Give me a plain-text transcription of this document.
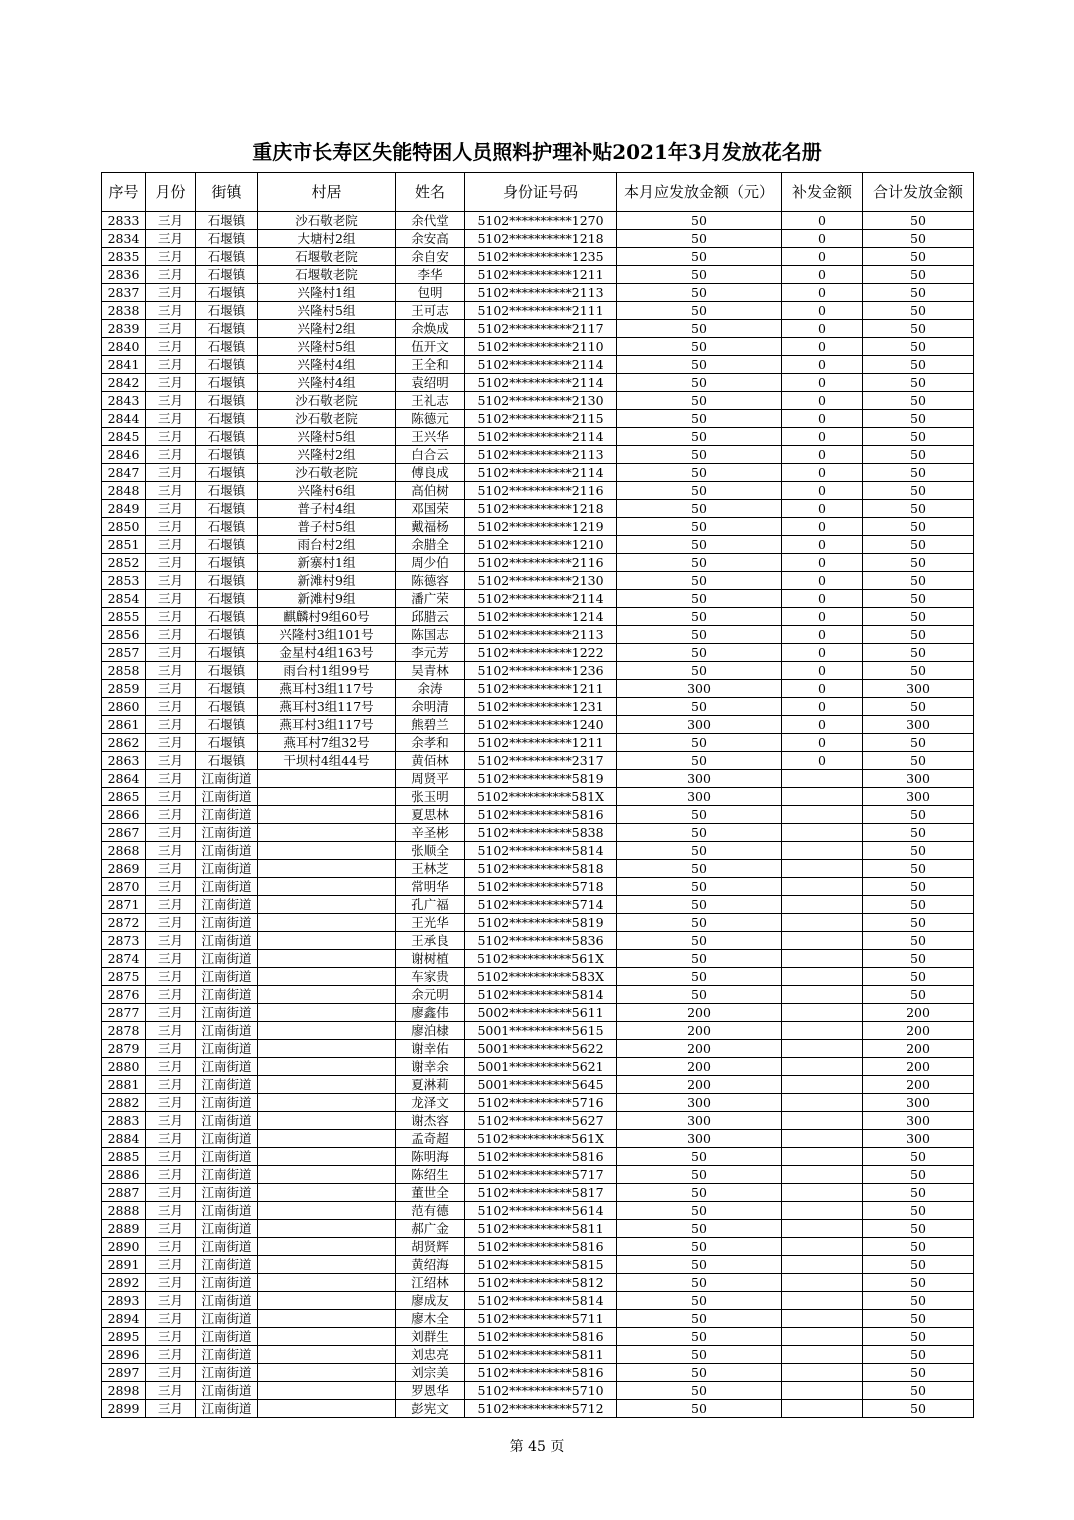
重庆市长寿区失能特困人员照料护理补贴2021年3月发放花名册
序号	月份	街镇	村居	姓名	身份证号码	本月应发放金额（元）	补发金额	合计发放金额
2833	三月	石堰镇	沙石敬老院	余代堂	5102**********1270	50	0	50
2834	三月	石堰镇	大塘村2组	余安高	5102**********1218	50	0	50
2835	三月	石堰镇	石堰敬老院	余自安	5102**********1235	50	0	50
2836	三月	石堰镇	石堰敬老院	李华	5102**********1211	50	0	50
2837	三月	石堰镇	兴隆村1组	包明	5102**********2113	50	0	50
2838	三月	石堰镇	兴隆村5组	王可志	5102**********2111	50	0	50
2839	三月	石堰镇	兴隆村2组	余焕成	5102**********2117	50	0	50
2840	三月	石堰镇	兴隆村5组	伍开文	5102**********2110	50	0	50
2841	三月	石堰镇	兴隆村4组	王全和	5102**********2114	50	0	50
2842	三月	石堰镇	兴隆村4组	袁绍明	5102**********2114	50	0	50
2843	三月	石堰镇	沙石敬老院	王礼志	5102**********2130	50	0	50
2844	三月	石堰镇	沙石敬老院	陈德元	5102**********2115	50	0	50
2845	三月	石堰镇	兴隆村5组	王兴华	5102**********2114	50	0	50
2846	三月	石堰镇	兴隆村2组	白合云	5102**********2113	50	0	50
2847	三月	石堰镇	沙石敬老院	傅良成	5102**********2114	50	0	50
2848	三月	石堰镇	兴隆村6组	高伯树	5102**********2116	50	0	50
2849	三月	石堰镇	普子村4组	邓国荣	5102**********1218	50	0	50
2850	三月	石堰镇	普子村5组	戴福杨	5102**********1219	50	0	50
2851	三月	石堰镇	雨台村2组	余腊全	5102**********1210	50	0	50
2852	三月	石堰镇	新寨村1组	周少伯	5102**********2116	50	0	50
2853	三月	石堰镇	新滩村9组	陈德容	5102**********2130	50	0	50
2854	三月	石堰镇	新滩村9组	潘广荣	5102**********2114	50	0	50
2855	三月	石堰镇	麒麟村9组60号	邱腊云	5102**********1214	50	0	50
2856	三月	石堰镇	兴隆村3组101号	陈国志	5102**********2113	50	0	50
2857	三月	石堰镇	金星村4组163号	李元芳	5102**********1222	50	0	50
2858	三月	石堰镇	雨台村1组99号	吴青林	5102**********1236	50	0	50
2859	三月	石堰镇	燕耳村3组117号	余涛	5102**********1211	300	0	300
2860	三月	石堰镇	燕耳村3组117号	余明清	5102**********1231	50	0	50
2861	三月	石堰镇	燕耳村3组117号	熊碧兰	5102**********1240	300	0	300
2862	三月	石堰镇	燕耳村7组32号	余孝和	5102**********1211	50	0	50
2863	三月	石堰镇	干坝村4组44号	黄佰林	5102**********2317	50	0	50
2864	三月	江南街道		周贤平	5102**********5819	300		300
2865	三月	江南街道		张玉明	5102**********581X	300		300
2866	三月	江南街道		夏思林	5102**********5816	50		50
2867	三月	江南街道		辛圣彬	5102**********5838	50		50
2868	三月	江南街道		张顺全	5102**********5814	50		50
2869	三月	江南街道		王林芝	5102**********5818	50		50
2870	三月	江南街道		常明华	5102**********5718	50		50
2871	三月	江南街道		孔广福	5102**********5714	50		50
2872	三月	江南街道		王光华	5102**********5819	50		50
2873	三月	江南街道		王承良	5102**********5836	50		50
2874	三月	江南街道		谢树植	5102**********561X	50		50
2875	三月	江南街道		车家贵	5102**********583X	50		50
2876	三月	江南街道		余元明	5102**********5814	50		50
2877	三月	江南街道		廖鑫伟	5002**********5611	200		200
2878	三月	江南街道		廖泊棣	5001**********5615	200		200
2879	三月	江南街道		谢幸佑	5001**********5622	200		200
2880	三月	江南街道		谢幸余	5001**********5621	200		200
2881	三月	江南街道		夏淋莉	5001**********5645	200		200
2882	三月	江南街道		龙泽文	5102**********5716	300		300
2883	三月	江南街道		谢杰容	5102**********5627	300		300
2884	三月	江南街道		孟奇超	5102**********561X	300		300
2885	三月	江南街道		陈明海	5102**********5816	50		50
2886	三月	江南街道		陈绍生	5102**********5717	50		50
2887	三月	江南街道		董世全	5102**********5817	50		50
2888	三月	江南街道		范有德	5102**********5614	50		50
2889	三月	江南街道		郝广金	5102**********5811	50		50
2890	三月	江南街道		胡贤辉	5102**********5816	50		50
2891	三月	江南街道		黄绍海	5102**********5815	50		50
2892	三月	江南街道		江绍林	5102**********5812	50		50
2893	三月	江南街道		廖成友	5102**********5814	50		50
2894	三月	江南街道		廖木全	5102**********5711	50		50
2895	三月	江南街道		刘群生	5102**********5816	50		50
2896	三月	江南街道		刘忠亮	5102**********5811	50		50
2897	三月	江南街道		刘宗美	5102**********5816	50		50
2898	三月	江南街道		罗恩华	5102**********5710	50		50
2899	三月	江南街道		彭宪文	5102**********5712	50		50
第 45 页
